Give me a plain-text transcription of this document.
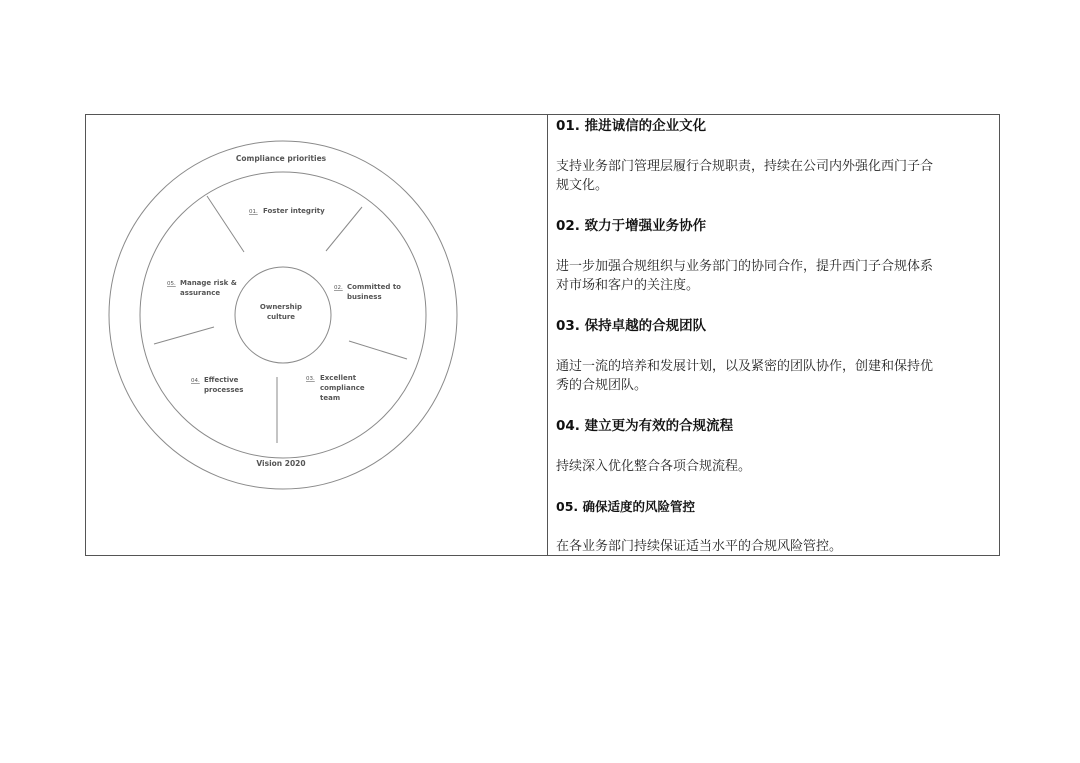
Compliance priorities
Vision 2020
Ownership
culture
01. Foster integrity
02. Committed to
business
03. Excellent
compliance
team
04. Effective
processes
05. Manage risk &
assurance
01. 推进诚信的企业文化
支持业务部门管理层履行合规职责，持续在公司内外强化西门子合
规文化。
02. 致力于增强业务协作
进一步加强合规组织与业务部门的协同合作，提升西门子合规体系
对市场和客户的关注度。
03. 保持卓越的合规团队
通过一流的培养和发展计划，以及紧密的团队协作，创建和保持优
秀的合规团队。
04. 建立更为有效的合规流程
持续深入优化整合各项合规流程。
05. 确保适度的风险管控
在各业务部门持续保证适当水平的合规风险管控。
